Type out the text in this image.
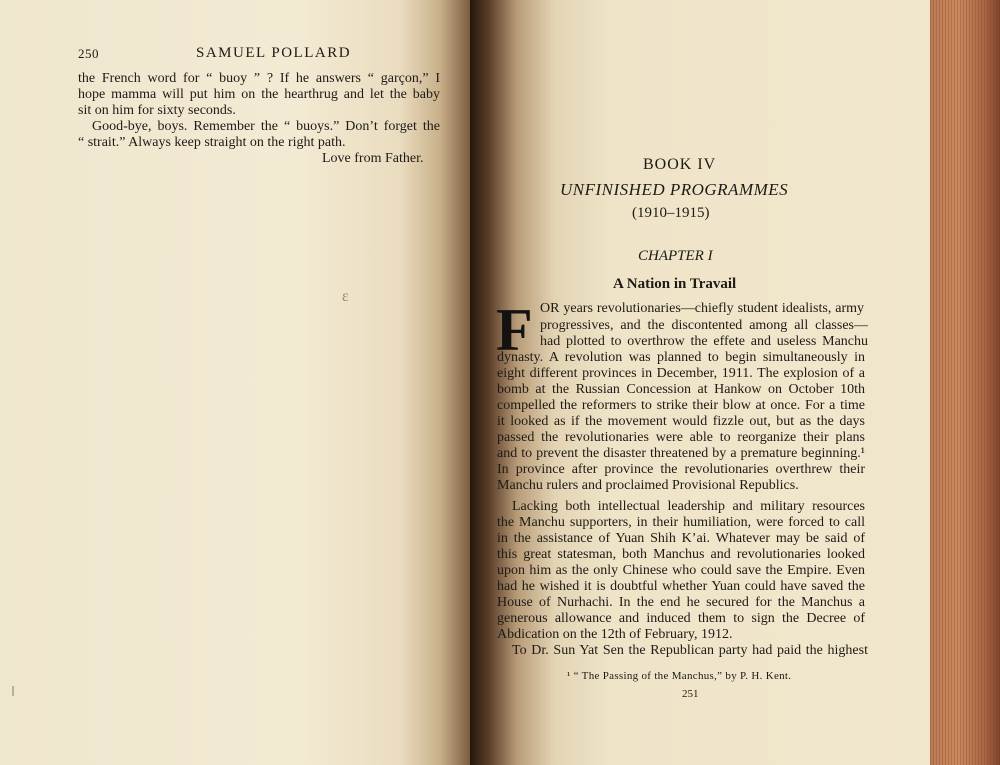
250	SAMUEL POLLARD
the French word for “ buoy ” ? If he answers “ garçon,” I
hope mamma will put him on the hearthrug and let the baby
sit on him for sixty seconds.
Good-bye, boys. Remember the “ buoys.” Don’t forget the
“ strait.” Always keep straight on the right path.
Love from Father.
ε
BOOK IV
UNFINISHED PROGRAMMES
(1910–1915)
CHAPTER I
A Nation in Travail
F OR years revolutionaries—chiefly student idealists, army
progressives, and the discontented among all classes—
had plotted to overthrow the effete and useless Manchu
dynasty. A revolution was planned to begin simultaneously in
eight different provinces in December, 1911. The explosion of a
bomb at the Russian Concession at Hankow on October 10th
compelled the reformers to strike their blow at once. For a time
it looked as if the movement would fizzle out, but as the days
passed the revolutionaries were able to reorganize their plans
and to prevent the disaster threatened by a premature beginning.¹
In province after province the revolutionaries overthrew their
Manchu rulers and proclaimed Provisional Republics.
Lacking both intellectual leadership and military resources
the Manchu supporters, in their humiliation, were forced to call
in the assistance of Yuan Shih K’ai. Whatever may be said of
this great statesman, both Manchus and revolutionaries looked
upon him as the only Chinese who could save the Empire. Even
had he wished it is doubtful whether Yuan could have saved the
House of Nurhachi. In the end he secured for the Manchus a
generous allowance and induced them to sign the Decree of
Abdication on the 12th of February, 1912.
To Dr. Sun Yat Sen the Republican party had paid the highest
¹ “ The Passing of the Manchus,” by P. H. Kent.
251
